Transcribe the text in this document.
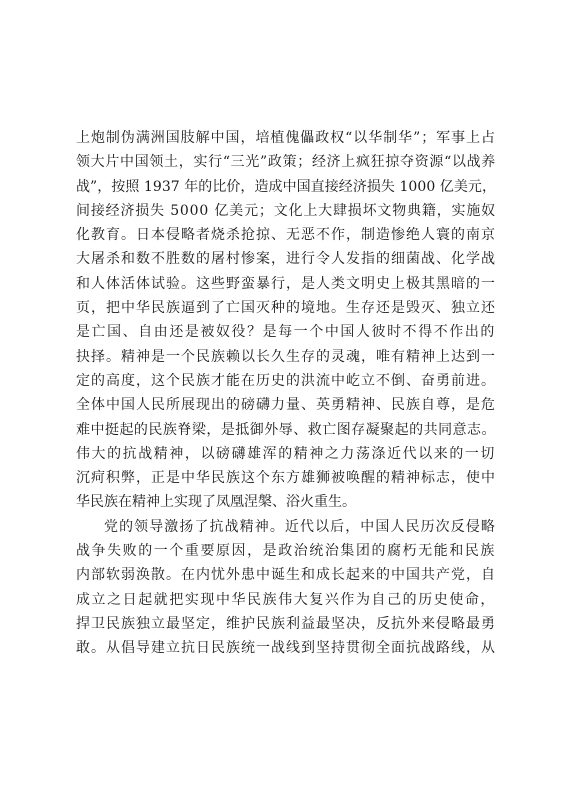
上炮制伪满洲国肢解中国，培植傀儡政权“以华制华”；军事上占
领大片中国领土，实行“三光”政策；经济上疯狂掠夺资源“以战养
战”，按照 1937 年的比价，造成中国直接经济损失 1000 亿美元，
间接经济损失 5000 亿美元；文化上大肆损坏文物典籍，实施奴
化教育。日本侵略者烧杀抢掠、无恶不作，制造惨绝人寰的南京
大屠杀和数不胜数的屠村惨案，进行令人发指的细菌战、化学战
和人体活体试验。这些野蛮暴行，是人类文明史上极其黑暗的一
页，把中华民族逼到了亡国灭种的境地。生存还是毁灭、独立还
是亡国、自由还是被奴役？是每一个中国人彼时不得不作出的
抉择。精神是一个民族赖以长久生存的灵魂，唯有精神上达到一
定的高度，这个民族才能在历史的洪流中屹立不倒、奋勇前进。
全体中国人民所展现出的磅礴力量、英勇精神、民族自尊，是危
难中挺起的民族脊梁，是抵御外辱、救亡图存凝聚起的共同意志。
伟大的抗战精神，以磅礴雄浑的精神之力荡涤近代以来的一切
沉疴积弊，正是中华民族这个东方雄狮被唤醒的精神标志，使中
华民族在精神上实现了凤凰涅槃、浴火重生。
党的领导激扬了抗战精神。近代以后，中国人民历次反侵略
战争失败的一个重要原因，是政治统治集团的腐朽无能和民族
内部软弱涣散。在内忧外患中诞生和成长起来的中国共产党，自
成立之日起就把实现中华民族伟大复兴作为自己的历史使命，
捍卫民族独立最坚定，维护民族利益最坚决，反抗外来侵略最勇
敢。从倡导建立抗日民族统一战线到坚持贯彻全面抗战路线，从
